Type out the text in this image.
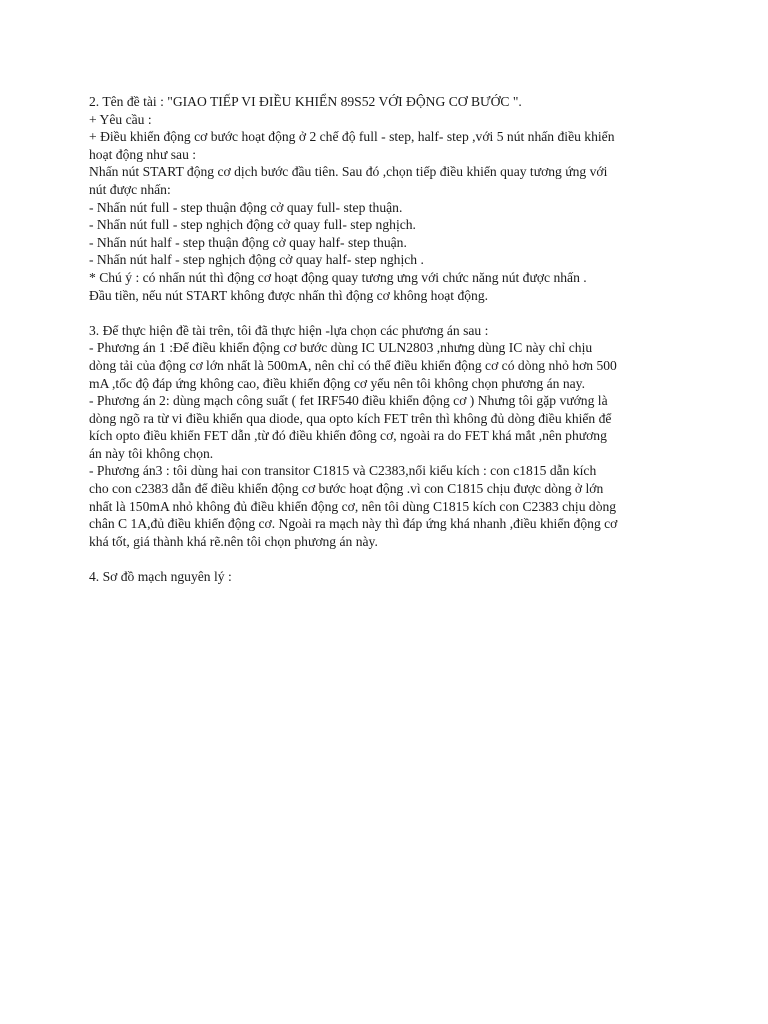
2. Tên đề tài : "GIAO TIẾP VI ĐIỀU KHIỂN 89S52 VỚI ĐỘNG CƠ BƯỚC ".
+ Yêu cầu :
+ Điều khiển động cơ bước hoạt động ở 2 chế độ full - step, half- step ,với 5 nút nhấn điều khiển
hoạt động như sau :
Nhấn nút START động cơ dịch bước đầu tiên. Sau đó ,chọn tiếp điều khiển quay tương ứng với
nút được nhấn:
- Nhấn nút full - step thuận động cở quay full- step thuận.
- Nhấn nút full - step nghịch động cở quay full- step nghịch.
- Nhấn nút half - step thuận động cở quay half- step thuận.
- Nhấn nút half - step nghịch động cở quay half- step nghịch .
* Chú ý : có nhấn nút thì động cơ hoạt động quay tương ưng với chức năng nút được nhấn .
Đầu tiền, nếu nút START không được nhấn thì động cơ không hoạt động.
3. Để thực hiện đề tài trên, tôi đã thực hiện -lựa chọn các phương án sau :
- Phương án 1 :Để điều khiển động cơ bước dùng IC ULN2803 ,nhưng dùng IC này chỉ chịu
dòng tải của động cơ lớn nhất là 500mA, nên chỉ có thể điều khiển động cơ có dòng nhỏ hơn 500
mA ,tốc độ đáp ứng không cao, điều khiển động cơ yếu nên tôi không chọn phương án nay.
- Phương án 2: dùng mạch công suất ( fet IRF540 điều khiển động cơ ) Nhưng tôi gặp vướng là
dòng ngõ ra từ vi điều khiển qua diode, qua opto kích FET trên thì không đủ dòng điều khiển để
kích opto điều khiển FET dẫn ,từ đó điều khiển đông cơ, ngoài ra do FET khá mắt ,nên phương
án này tôi không chọn.
- Phương án3 : tôi dùng hai con transitor C1815 và C2383,nối kiểu kích : con c1815 dẫn kích
cho con c2383 dẫn để điều khiển động cơ bước hoạt động .vì con C1815 chịu được dòng ở lớn
nhất là 150mA nhỏ không đủ điều khiển động cơ, nên tôi dùng C1815 kích con C2383 chịu dòng
chân C 1A,đủ điều khiển động cơ. Ngoài ra mạch này thì đáp ứng khá nhanh ,điều khiển động cơ
khá tốt, giá thành khá rẽ.nên tôi chọn phương án này.
4. Sơ đồ mạch nguyên lý :
